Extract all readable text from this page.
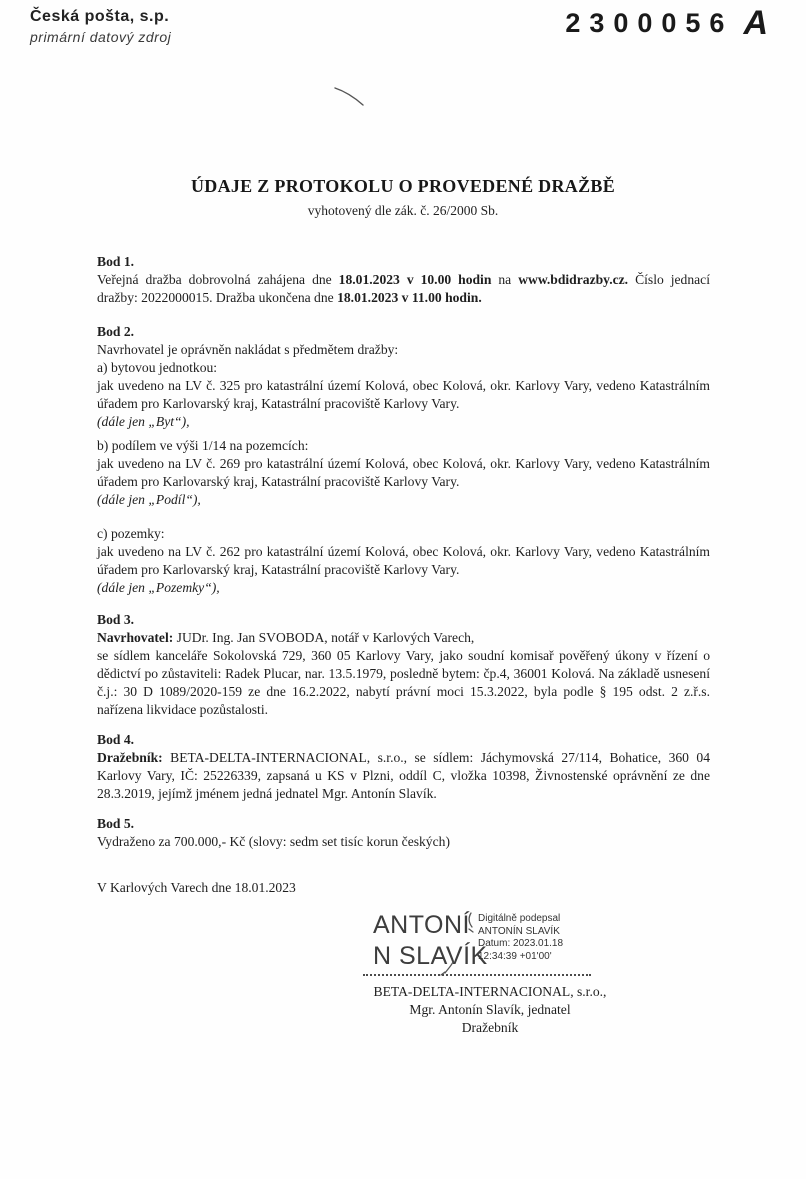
Česká pošta, s.p.
primární datový zdroj	2300056 A
ÚDAJE Z PROTOKOLU O PROVEDENÉ DRAŽBĚ
vyhotovený dle zák. č. 26/2000 Sb.
Bod 1.
Veřejná dražba dobrovolná zahájena dne 18.01.2023 v 10.00 hodin na www.bdidrazby.cz. Číslo jednací dražby: 2022000015. Dražba ukončena dne 18.01.2023 v 11.00 hodin.
Bod 2.
Navrhovatel je oprávněn nakládat s předmětem dražby:
a) bytovou jednotkou:
jak uvedeno na LV č. 325 pro katastrální území Kolová, obec Kolová, okr. Karlovy Vary, vedeno Katastrálním úřadem pro Karlovarský kraj, Katastrální pracoviště Karlovy Vary.
(dále jen „Byt“),
b) podílem ve výši 1/14 na pozemcích:
jak uvedeno na LV č. 269 pro katastrální území Kolová, obec Kolová, okr. Karlovy Vary, vedeno Katastrálním úřadem pro Karlovarský kraj, Katastrální pracoviště Karlovy Vary.
(dále jen „Podíl“),
c) pozemky:
jak uvedeno na LV č. 262 pro katastrální území Kolová, obec Kolová, okr. Karlovy Vary, vedeno Katastrálním úřadem pro Karlovarský kraj, Katastrální pracoviště Karlovy Vary.
(dále jen „Pozemky“),
Bod 3.
Navrhovatel: JUDr. Ing. Jan SVOBODA, notář v Karlových Varech,
se sídlem kanceláře Sokolovská 729, 360 05 Karlovy Vary, jako soudní komisař pověřený úkony v řízení o dědictví po zůstaviteli: Radek Plucar, nar. 13.5.1979, posledně bytem: čp.4, 36001 Kolová. Na základě usnesení č.j.: 30 D 1089/2020-159 ze dne 16.2.2022, nabytí právní moci 15.3.2022, byla podle § 195 odst. 2 z.ř.s. nařízena likvidace pozůstalosti.
Bod 4.
Dražebník: BETA-DELTA-INTERNACIONAL, s.r.o., se sídlem: Jáchymovská 27/114, Bohatice, 360 04 Karlovy Vary, IČ: 25226339, zapsaná u KS v Plzni, oddíl C, vložka 10398, Živnostenské oprávnění ze dne 28.3.2019, jejímž jménem jedná jednatel Mgr. Antonín Slavík.
Bod 5.
Vydraženo za 700.000,- Kč (slovy: sedm set tisíc korun českých)
V Karlových Varech dne 18.01.2023
ANTONÍ
N SLAVÍK
Digitálně podepsal
ANTONÍN SLAVÍK
Datum: 2023.01.18
12:34:39 +01'00'
BETA-DELTA-INTERNACIONAL, s.r.o.,
Mgr. Antonín Slavík, jednatel
Dražebník
